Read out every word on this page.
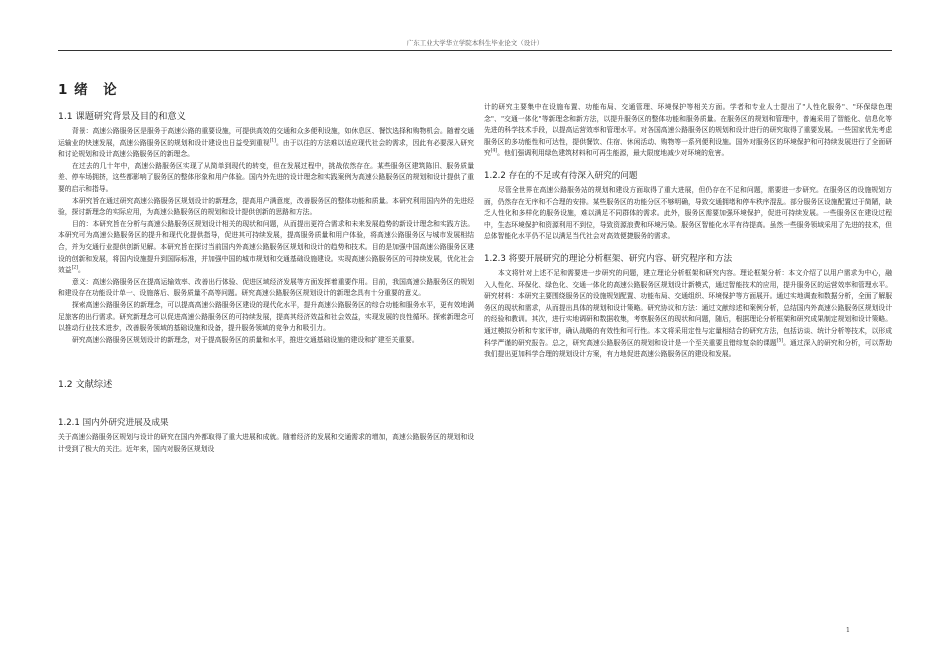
广东工业大学华立学院本科生毕业论文（设计）
1 绪　论
1.1 课题研究背景及目的和意义

背景：高速公路服务区是服务于高速公路的重要设施，可提供高效的交通和众多便利设施，如休息区、餐饮选择和购物机会。随着交通运输业的快速发展，高速公路服务区的规划和设计建设也日益受到重视[1]。由于以往的方法难以适应现代社会的需求，因此有必要深入研究和讨论规划和设计高速公路服务区的新理念。

在过去的几十年中，高速公路服务区实现了从简单到现代的转变，但在发展过程中，挑战依然存在。某些服务区建筑陈旧、服务质量差、停车场拥挤，这些都影响了服务区的整体形象和用户体验。国内外先进的设计理念和实践案例为高速公路服务区的规划和设计提供了重要的启示和指导。

本研究旨在通过研究高速公路服务区规划设计的新理念，提高用户满意度，改善服务区的整体功能和质量。本研究利用国内外的先进经验，探讨新理念的实际应用，为高速公路服务区的规划和设计提供创新的思路和方法。

目的：本研究旨在分析与高速公路服务区规划设计相关的现状和问题，从而提出更符合需求和未来发展趋势的新设计理念和实践方法。本研究可为高速公路服务区的提升和现代化提供指导，促进其可持续发展，提高服务质量和用户体验，将高速公路服务区与城市发展相结合，并为交通行业提供创新见解。本研究旨在探讨当前国内外高速公路服务区规划和设计的趋势和技术。目的是加强中国高速公路服务区建设的创新和发展，将国内设施提升到国际标准，并加强中国的城市规划和交通基础设施建设。实现高速公路服务区的可持续发展，优化社会效益[2]。

意义：高速公路服务区在提高运输效率、改善出行体验、促进区域经济发展等方面发挥着重要作用。目前，我国高速公路服务区的规划和建设存在功能设计单一、设施落后、服务质量不高等问题。研究高速公路服务区规划设计的新理念具有十分重要的意义。

探索高速公路服务区的新理念，可以提高高速公路服务区建设的现代化水平，提升高速公路服务区的综合功能和服务水平，更有效地满足旅客的出行需求。研究新理念可以促进高速公路服务区的可持续发展，提高其经济效益和社会效益，实现发展的良性循环。探索新理念可以推动行业技术进步，改善服务领域的基础设施和设备，提升服务领域的竞争力和吸引力。

研究高速公路服务区规划设计的新理念，对于提高服务区的质量和水平，推进交通基础设施的建设和扩建至关重要。

1.2 文献综述
1.2.1 国内外研究进展及成果

关于高速公路服务区规划与设计的研究在国内外都取得了重大进展和成就。随着经济的发展和交通需求的增加，高速公路服务区的规划和设计受到了极大的关注。近年来，国内对服务区规划设

计的研究主要集中在设施布置、功能布局、交通管理、环境保护等相关方面。学者和专业人士提出了"人性化服务"、"环保绿色理念"、"交通一体化"等新理念和新方法，以提升服务区的整体功能和服务质量。在服务区的规划和管理中，普遍采用了智能化、信息化等先进的科学技术手段，以提高运营效率和管理水平。对各国高速公路服务区的规划和设计进行的研究取得了重要发展。一些国家优先考虑服务区的多功能性和可达性，提供餐饮、住宿、休闲活动、购物等一系列便利设施。国外对服务区的环境保护和可持续发展进行了全面研究[4]。他们强调利用绿色建筑材料和可再生能源，最大限度地减少对环境的危害。

1.2.2 存在的不足或有待深入研究的问题

尽管全世界在高速公路服务站的规划和建设方面取得了重大进展，但仍存在不足和问题，需要进一步研究。在服务区的设施规划方面，仍然存在无序和不合理的安排。某些服务区的功能分区不够明确，导致交通拥堵和停车秩序混乱。部分服务区设施配置过于简陋，缺乏人性化和多样化的服务设施，难以满足不同群体的需求。此外，服务区需要加强环境保护，促进可持续发展。一些服务区在建设过程中，生态环境保护和资源利用不到位，导致资源浪费和环境污染。服务区智能化水平有待提高。虽然一些服务领域采用了先进的技术，但总体智能化水平仍不足以满足当代社会对高效便捷服务的需求。

1.2.3 将要开展研究的理论分析框架、研究内容、研究程序和方法

本文将针对上述不足和需要进一步研究的问题，建立理论分析框架和研究内容。理论框架分析：本文介绍了以用户需求为中心，融入人性化、环保化、绿色化、交通一体化的高速公路服务区规划设计新模式，通过智能技术的应用，提升服务区的运营效率和管理水平。研究材料：本研究主要围绕服务区的设施规划配置、功能布局、交通组织、环境保护等方面展开。通过实地调查和数据分析，全面了解服务区的现状和需求，从而提出具体的规划和设计策略。研究协议和方法：通过文献综述和案例分析，总结国内外高速公路服务区规划设计的经验和教训。其次，进行实地调研和数据收集，考察服务区的现状和问题，随后，根据理论分析框架和研究成果制定规划和设计策略。通过模拟分析和专家评审，确认战略的有效性和可行性。本文将采用定性与定量相结合的研究方法，包括访谈、统计分析等技术，以形成科学严谨的研究报告。总之，研究高速公路服务区的规划和设计是一个至关重要且错综复杂的课题[5]。通过深入的研究和分析，可以帮助我们提出更加科学合理的规划设计方案，有力地促进高速公路服务区的建设和发展。

1
